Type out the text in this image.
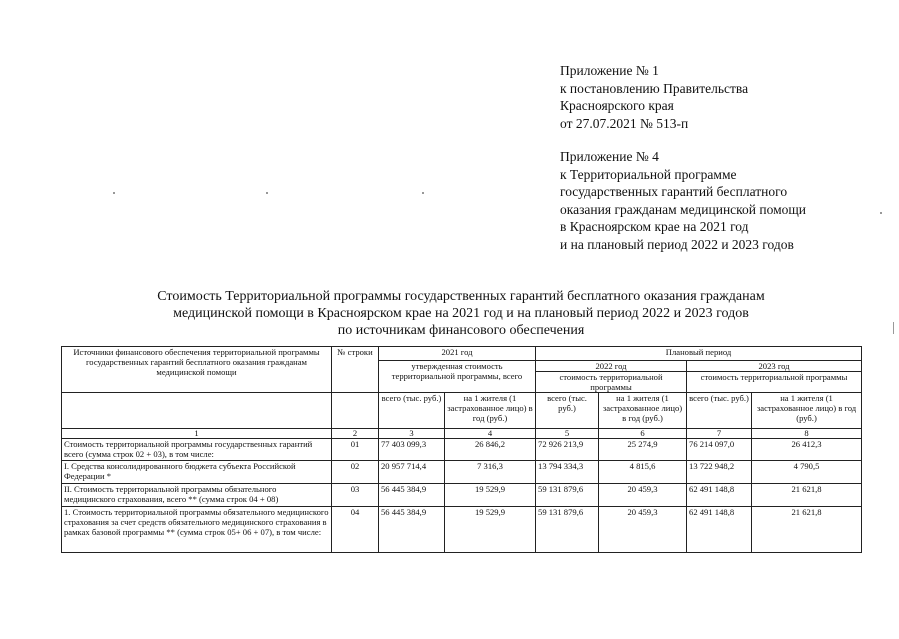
Приложение № 1
к постановлению Правительства
Красноярского края
от 27.07.2021 № 513-п
Приложение № 4
к Территориальной программе
государственных гарантий бесплатного
оказания гражданам медицинской помощи
в Красноярском крае на 2021 год
и на плановый период 2022 и 2023 годов
Стоимость Территориальной программы государственных гарантий бесплатного оказания гражданам
медицинской помощи в Красноярском крае на 2021 год и на плановый период 2022 и 2023 годов
по источникам финансового обеспечения
Источники финансового обеспечения территориальной программы государственных гарантий бесплатного оказания гражданам медицинской помощи	№ строки	2021 год		Плановый период			
		утвержденная стоимость территориальной программы, всего		2022 год		2023 год	
				стоимость территориальной программы		стоимость территориальной программы	
		всего (тыс. руб.)	на 1 жителя (1 застрахованное лицо) в год (руб.)	всего (тыс. руб.)	на 1 жителя (1 застрахованное лицо) в год (руб.)	всего (тыс. руб.)	на 1 жителя (1 застрахованное лицо) в год (руб.)
1	2	3	4	5	6	7	8
Стоимость территориальной программы государственных гарантий всего (сумма строк 02 + 03), в том числе:	01	77 403 099,3	26 846,2	72 926 213,9	25 274,9	76 214 097,0	26 412,3
I. Средства консолидированного бюджета субъекта Российской Федерации *	02	20 957 714,4	7 316,3	13 794 334,3	4 815,6	13 722 948,2	4 790,5
II. Стоимость территориальной программы обязательного медицинского страхования, всего ** (сумма строк 04 + 08)	03	56 445 384,9	19 529,9	59 131 879,6	20 459,3	62 491 148,8	21 621,8
1. Стоимость территориальной программы обязательного медицинского страхования за счет средств обязательного медицинского страхования в рамках базовой программы ** (сумма строк 05+ 06 + 07), в том числе:	04	56 445 384,9	19 529,9	59 131 879,6	20 459,3	62 491 148,8	21 621,8
